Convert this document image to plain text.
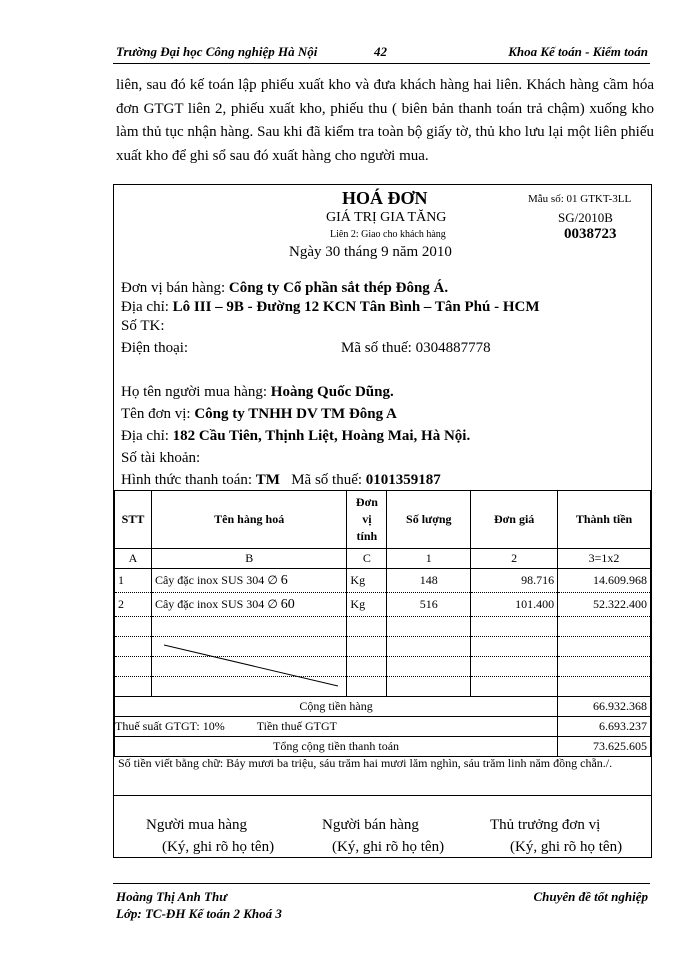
Trường Đại học Công nghiệp Hà Nội	42	Khoa Kế toán - Kiểm toán
liên, sau đó kế toán lập phiếu xuất kho và đưa khách hàng hai liên. Khách hàng cầm hóa đơn GTGT liên 2, phiếu xuất kho, phiếu thu ( biên bản thanh toán trả chậm) xuống kho làm thủ tục nhận hàng. Sau khi đã kiểm tra toàn bộ giấy tờ, thủ kho lưu lại một liên phiếu xuất kho để ghi sổ sau đó xuất hàng cho người mua.
HOÁ ĐƠN
GIÁ TRỊ GIA TĂNG
Liên 2: Giao cho khách hàng
Ngày 30 tháng 9 năm 2010
Mẫu số: 01 GTKT-3LL
SG/2010B
0038723
Đơn vị bán hàng: Công ty Cổ phần sắt thép Đông Á.
Địa chỉ: Lô III – 9B - Đường 12 KCN Tân Bình – Tân Phú - HCM
Số TK:
Điện thoại:	Mã số thuế: 0304887778
Họ tên người mua hàng: Hoàng Quốc Dũng.
Tên đơn vị: Công ty TNHH DV TM Đông A
Địa chỉ: 182 Cầu Tiên, Thịnh Liệt, Hoàng Mai, Hà Nội.
Số tài khoản:
Hình thức thanh toán: TM Mã số thuế: 0101359187
STT	Tên hàng hoá	Đơn vị tính	Số lượng	Đơn giá	Thành tiền
A	B	C	1	2	3=1x2
1	Cây đặc inox SUS 304 ∅ 6	Kg	148	98.716	14.609.968
2	Cây đặc inox SUS 304 ∅ 60	Kg	516	101.400	52.322.400

Cộng tiền hàng					66.932.368
Thuế suất GTGT: 10% Tiền thuế GTGT					6.693.237
Tổng cộng tiền thanh toán					73.625.605
Số tiền viết bằng chữ: Bảy mươi ba triệu, sáu trăm hai mươi lăm nghìn, sáu trăm linh năm đồng chẵn./.
Người mua hàng
(Ký, ghi rõ họ tên)
Người bán hàng
(Ký, ghi rõ họ tên)
Thủ trưởng đơn vị
(Ký, ghi rõ họ tên)
Hoàng Thị Anh Thư
Lớp: TC-ĐH Kế toán 2 Khoá 3
Chuyên đề tốt nghiệp
